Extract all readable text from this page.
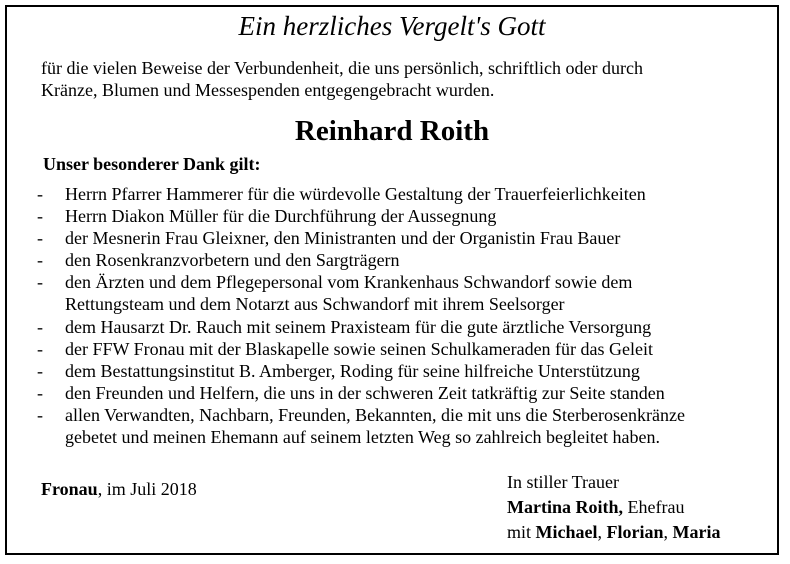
Ein herzliches Vergelt's Gott
für die vielen Beweise der Verbundenheit, die uns persönlich, schriftlich oder durch
Kränze, Blumen und Messespenden entgegengebracht wurden.
Reinhard Roith
Unser besonderer Dank gilt:
- Herrn Pfarrer Hammerer für die würdevolle Gestaltung der Trauerfeierlichkeiten
- Herrn Diakon Müller für die Durchführung der Aussegnung
- der Mesnerin Frau Gleixner, den Ministranten und der Organistin Frau Bauer
- den Rosenkranzvorbetern und den Sargträgern
- den Ärzten und dem Pflegepersonal vom Krankenhaus Schwandorf sowie dem
Rettungsteam und dem Notarzt aus Schwandorf mit ihrem Seelsorger
- dem Hausarzt Dr. Rauch mit seinem Praxisteam für die gute ärztliche Versorgung
- der FFW Fronau mit der Blaskapelle sowie seinen Schulkameraden für das Geleit
- dem Bestattungsinstitut B. Amberger, Roding für seine hilfreiche Unterstützung
- den Freunden und Helfern, die uns in der schweren Zeit tatkräftig zur Seite standen
- allen Verwandten, Nachbarn, Freunden, Bekannten, die mit uns die Sterberosenkränze
gebetet und meinen Ehemann auf seinem letzten Weg so zahlreich begleitet haben.
Fronau, im Juli 2018	In stiller Trauer
Martina Roith, Ehefrau
mit Michael, Florian, Maria
